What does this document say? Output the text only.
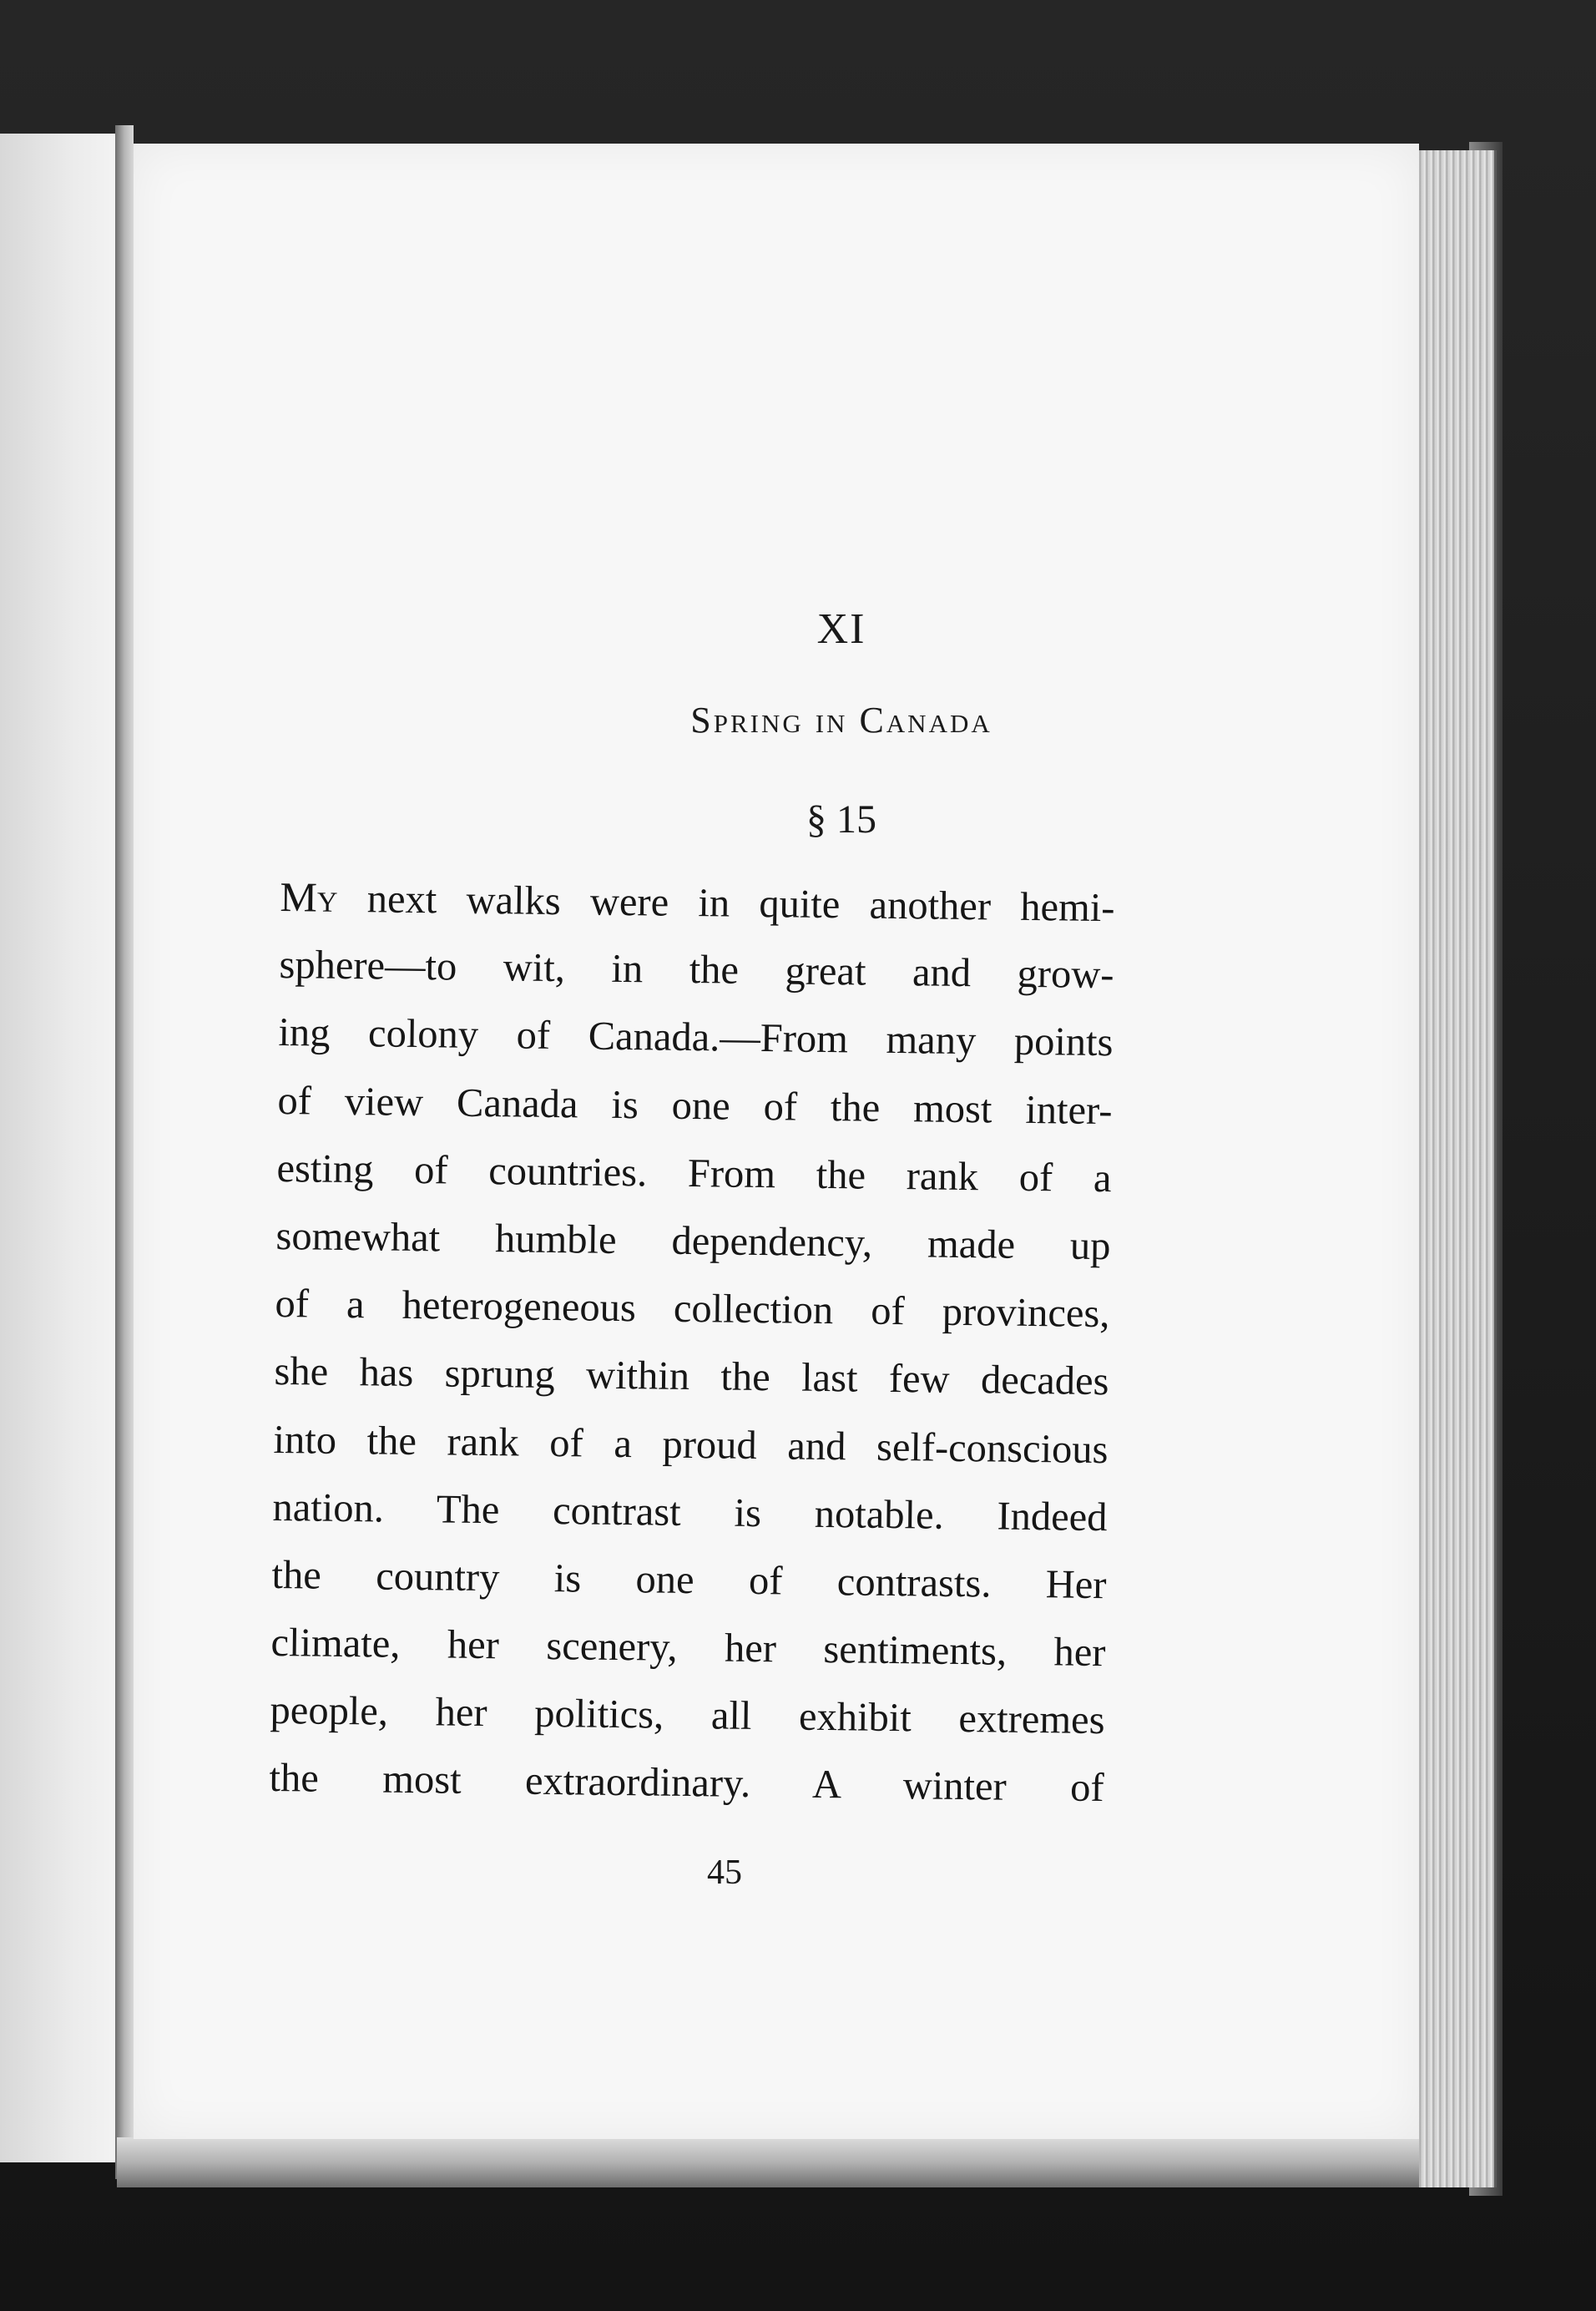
XI
Spring in Canada
§ 15
My next walks were in quite another hemi-
sphere—to wit, in the great and grow-
ing colony of Canada.—From many points
of view Canada is one of the most inter-
esting of countries. From the rank of a
somewhat humble dependency, made up
of a heterogeneous collection of provinces,
she has sprung within the last few decades
into the rank of a proud and self-conscious
nation. The contrast is notable. Indeed
the country is one of contrasts. Her
climate, her scenery, her sentiments, her
people, her politics, all exhibit extremes
the most extraordinary. A winter of
45
